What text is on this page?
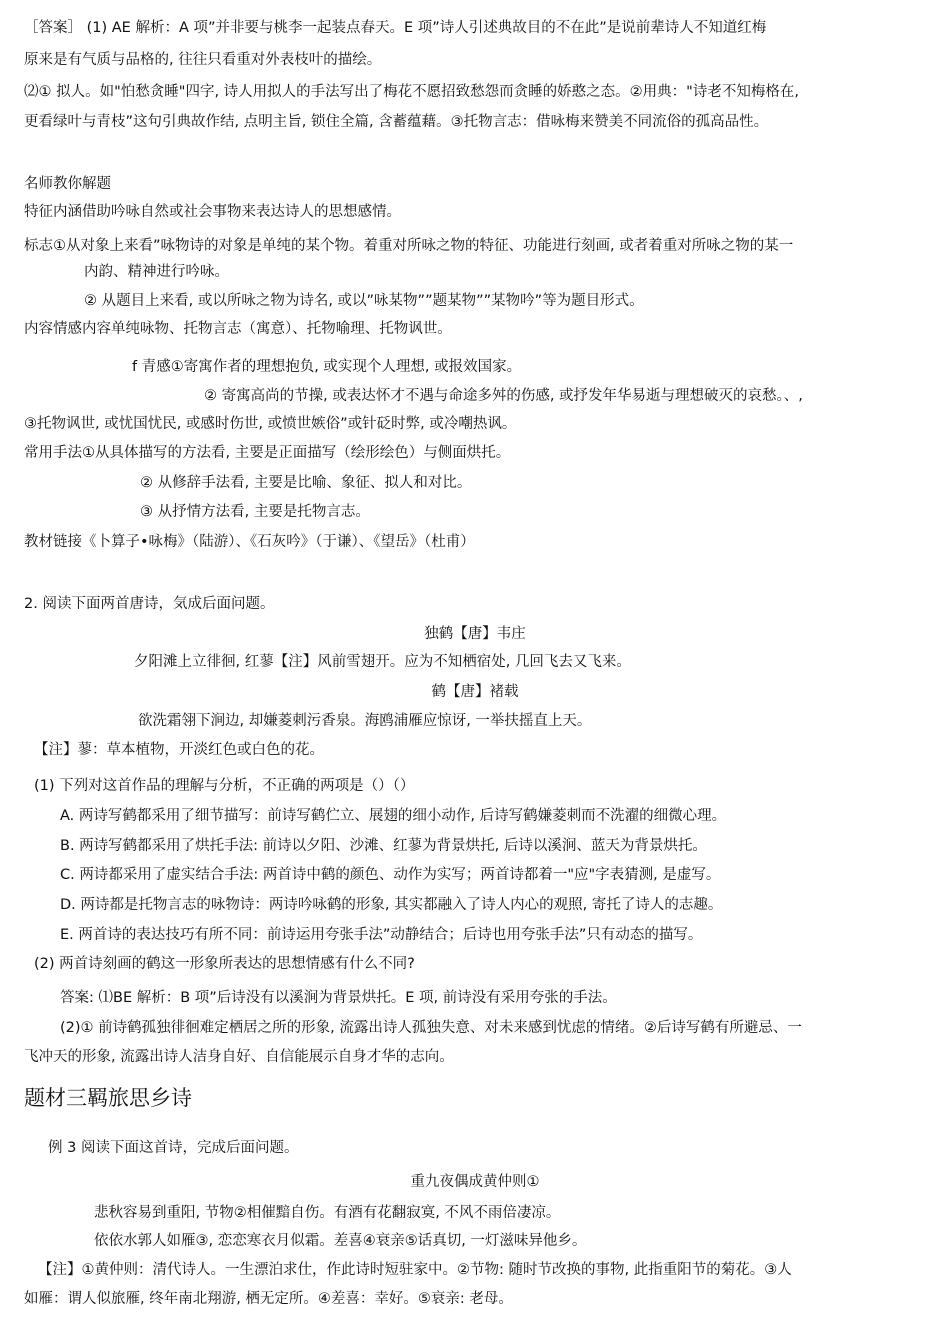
［答案］ (1) AE 解析：A 项”并非要与桃李一起装点春天。E 项”诗人引述典故目的不在此”是说前辈诗人不知道红梅
原来是有气质与品格的, 往往只看重对外表枝叶的描绘。
⑵① 拟人。如"怕愁贪睡"四字, 诗人用拟人的手法写出了梅花不愿招致愁怨而贪睡的娇憨之态。②用典："诗老不知梅格在,
更看绿叶与青枝”这句引典故作结, 点明主旨, 锁住全篇, 含蓄蕴藉。③托物言志：借咏梅来赞美不同流俗的孤高品性。
名师教你解题
特征内涵借助吟咏自然或社会事物来表达诗人的思想感情。
标志①从对象上来看”咏物诗的对象是单纯的某个物。着重对所咏之物的特征、功能进行刻画, 或者着重对所咏之物的某一
内韵、精神进行吟咏。
② 从题目上来看, 或以所咏之物为诗名, 或以”咏某物””题某物””某物吟”等为题目形式。
内容情感内容单纯咏物、托物言志（寓意）、托物喻理、托物讽世。
f 青感①寄寓作者的理想抱负, 或实现个人理想, 或报效国家。
② 寄寓高尚的节操, 或表达怀才不遇与命途多舛的伤感, 或抒发年华易逝与理想破灭的哀愁。、,
③托物讽世, 或忧国忧民, 或感时伤世, 或愤世嫉俗”或针砭时弊, 或冷嘲热讽。
常用手法①从具体描写的方法看, 主要是正面描写（绘形绘色）与侧面烘托。
② 从修辞手法看, 主要是比喻、象征、拟人和对比。
③ 从抒情方法看, 主要是托物言志。
教材链接《卜算子•咏梅》（陆游）、《石灰吟》（于谦）、《望岳》（杜甫）
2. 阅读下面两首唐诗，気成后面问题。
独鹤【唐】韦庄
夕阳滩上立徘徊, 红蓼【注】风前雪翅开。应为不知栖宿处, 几回飞去又飞来。
鹤【唐】褚载
欲洗霜翎下涧边, 却嫌菱刺污香泉。海鸥浦雁应惊讶, 一举扶摇直上天。
【注】蓼：草本植物，开淡红色或白色的花。
(1) 下列对这首作品的理解与分析，不正确的两项是（）（）
A. 两诗写鹤都采用了细节描写：前诗写鹤伫立、展翅的细小动作, 后诗写鹤嫌菱刺而不洗濯的细微心理。
B. 两诗写鹤都采用了烘托手法: 前诗以夕阳、沙滩、红蓼为背景烘托, 后诗以溪涧、蓝天为背景烘托。
C. 两诗都采用了虚实结合手法: 两首诗中鹤的颜色、动作为实写；两首诗都着一"应"字表猜测, 是虚写。
D. 两诗都是托物言志的咏物诗：两诗吟咏鹤的形象, 其实都融入了诗人内心的观照, 寄托了诗人的志趣。
E. 两首诗的表达技巧有所不同：前诗运用夸张手法”动静结合；后诗也用夸张手法”只有动态的描写。
(2) 两首诗刻画的鹤这一形象所表达的思想情感有什么不同?
答案: ⑴BE 解析：B 项”后诗没有以溪涧为背景烘托。E 项, 前诗没有采用夸张的手法。
(2)① 前诗鹤孤独徘徊难定栖居之所的形象, 流露出诗人孤独失意、对未来感到忧虑的情绪。②后诗写鹤有所避忌、一
飞冲天的形象, 流露出诗人洁身自好、自信能展示自身才华的志向。
题材三羁旅思乡诗
例 3 阅读下面这首诗，完成后面问题。
重九夜偶成黄仲则①
悲秋容易到重阳, 节物②相催黯自伤。有酒有花翻寂寞, 不风不雨倍凄凉。
依依水郭人如雁③, 恋恋寒衣月似霜。差喜④衰亲⑤话真切, 一灯滋味异他乡。
【注】①黄仲则：清代诗人。一生漂泊求仕，作此诗时短驻家中。②节物: 随时节改换的事物, 此指重阳节的菊花。③人
如雁：谓人似旅雁, 终年南北翔游, 栖无定所。④差喜：幸好。⑤衰亲: 老母。
